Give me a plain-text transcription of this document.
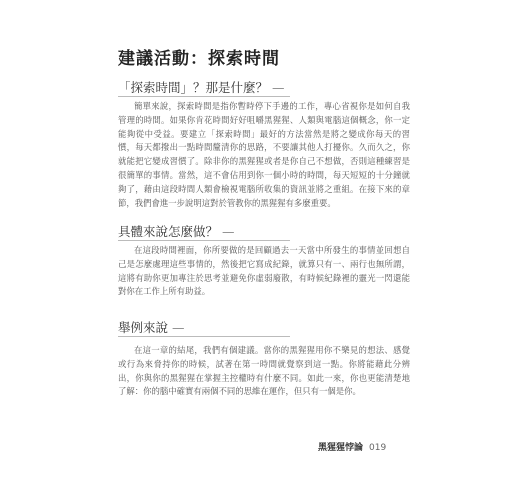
建議活動：探索時間
「探索時間」？那是什麼？ —

簡單來說，探索時間是指你暫時停下手邊的工作，專心省視你是如何自我管理的時間。如果你肯花時間好好咀嚼黑猩猩、人類與電腦這個概念，你一定能夠從中受益。要建立「探索時間」最好的方法當然是將之變成你每天的習慣，每天都撥出一點時間釐清你的思路，不要讓其他人打擾你。久而久之，你就能把它變成習慣了。除非你的黑猩猩或者是你自己不想做，否則這種練習是很簡單的事情。當然，這不會佔用到你一個小時的時間，每天短短的十分鐘就夠了，藉由這段時間人類會檢視電腦所收集的資訊並將之重組。在接下來的章節，我們會進一步說明這對於管教你的黑猩猩有多麼重要。

具體來說怎麼做？ —

在這段時間裡面，你所要做的是回顧過去一天當中所發生的事情並回想自己是怎麼處理這些事情的，然後把它寫成紀錄，就算只有一、兩行也無所謂，這將有助你更加專注於思考並避免你虛弱廢散，有時候紀錄裡的靈光一閃還能對你在工作上所有助益。

舉例來說 —

在這一章的結尾，我們有個建議。當你的黑猩猩用你不樂見的想法、感覺或行為來脅持你的時候，試著在第一時間就覺察到這一點。你將能藉此分辨出，你與你的黑猩猩在掌握主控權時有什麼不同。如此一來，你也更能清楚地了解：你的腦中確實有兩個不同的思維在運作，但只有一個是你。

黑猩猩悖論 019
